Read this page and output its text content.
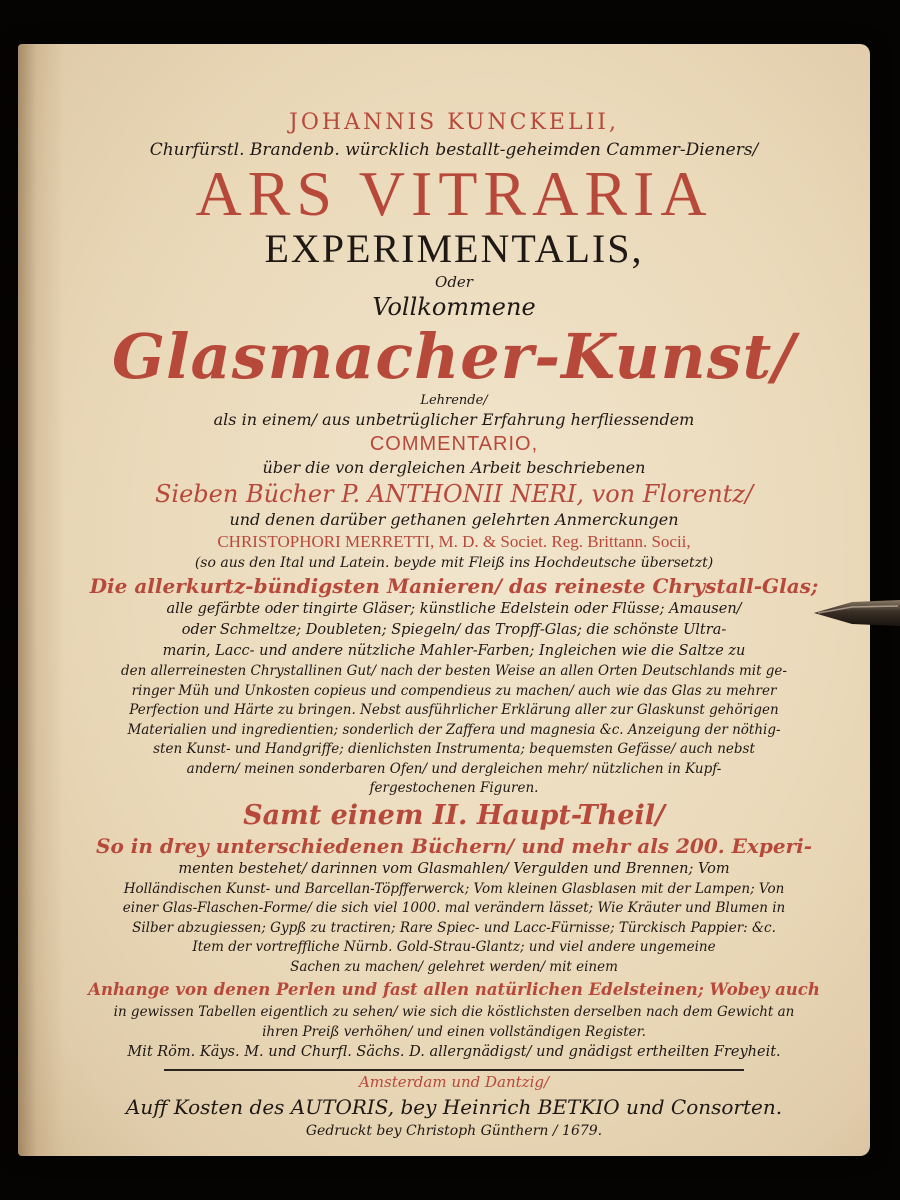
JOHANNIS KUNCKELII,
Churfürstl. Brandenb. würcklich bestallt-geheimden Cammer-Dieners/
ARS VITRARIA
EXPERIMENTALIS,
Oder
Vollkommene
Glasmacher-Kunst/
Lehrende/
als in einem/ aus unbetrüglicher Erfahrung herfliessendem
COMMENTARIO,
über die von dergleichen Arbeit beschriebenen
Sieben Bücher P. ANTHONII NERI, von Florentz/
und denen darüber gethanen gelehrten Anmerckungen
CHRISTOPHORI MERRETTI, M. D. & Societ. Reg. Brittann. Socii,
(so aus den Ital und Latein. beyde mit Fleiß ins Hochdeutsche übersetzt)
Die allerkurtz-bündigsten Manieren/ das reineste Chrystall-Glas;
alle gefärbte oder tingirte Gläser; künstliche Edelstein oder Flüsse; Amausen/
oder Schmeltze; Doubleten; Spiegeln/ das Tropff-Glas; die schönste Ultra-
marin, Lacc- und andere nützliche Mahler-Farben; Ingleichen wie die Saltze zu
den allerreinesten Chrystallinen Gut/ nach der besten Weise an allen Orten Deutschlands mit ge-
ringer Müh und Unkosten copieus und compendieus zu machen/ auch wie das Glas zu mehrer
Perfection und Härte zu bringen. Nebst ausführlicher Erklärung aller zur Glaskunst gehörigen
Materialien und ingredientien; sonderlich der Zaffera und magnesia &c. Anzeigung der nöthig-
sten Kunst- und Handgriffe; dienlichsten Instrumenta; bequemsten Gefässe/ auch nebst
andern/ meinen sonderbaren Ofen/ und dergleichen mehr/ nützlichen in Kupf-
fergestochenen Figuren.
Samt einem II. Haupt-Theil/
So in drey unterschiedenen Büchern/ und mehr als 200. Experi-
menten bestehet/ darinnen vom Glasmahlen/ Vergulden und Brennen; Vom
Holländischen Kunst- und Barcellan-Töpfferwerck; Vom kleinen Glasblasen mit der Lampen; Von
einer Glas-Flaschen-Forme/ die sich viel 1000. mal verändern lässet; Wie Kräuter und Blumen in
Silber abzugiessen; Gypß zu tractiren; Rare Spiec- und Lacc-Fürnisse; Türckisch Pappier: &c.
Item der vortreffliche Nürnb. Gold-Strau-Glantz; und viel andere ungemeine
Sachen zu machen/ gelehret werden/ mit einem
Anhange von denen Perlen und fast allen natürlichen Edelsteinen; Wobey auch
in gewissen Tabellen eigentlich zu sehen/ wie sich die köstlichsten derselben nach dem Gewicht an
ihren Preiß verhöhen/ und einen vollständigen Register.
Mit Röm. Käys. M. und Churfl. Sächs. D. allergnädigst/ und gnädigst ertheilten Freyheit.
Amsterdam und Dantzig/
Auff Kosten des AUTORIS, bey Heinrich BETKIO und Consorten.
Gedruckt bey Christoph Günthern / 1679.
